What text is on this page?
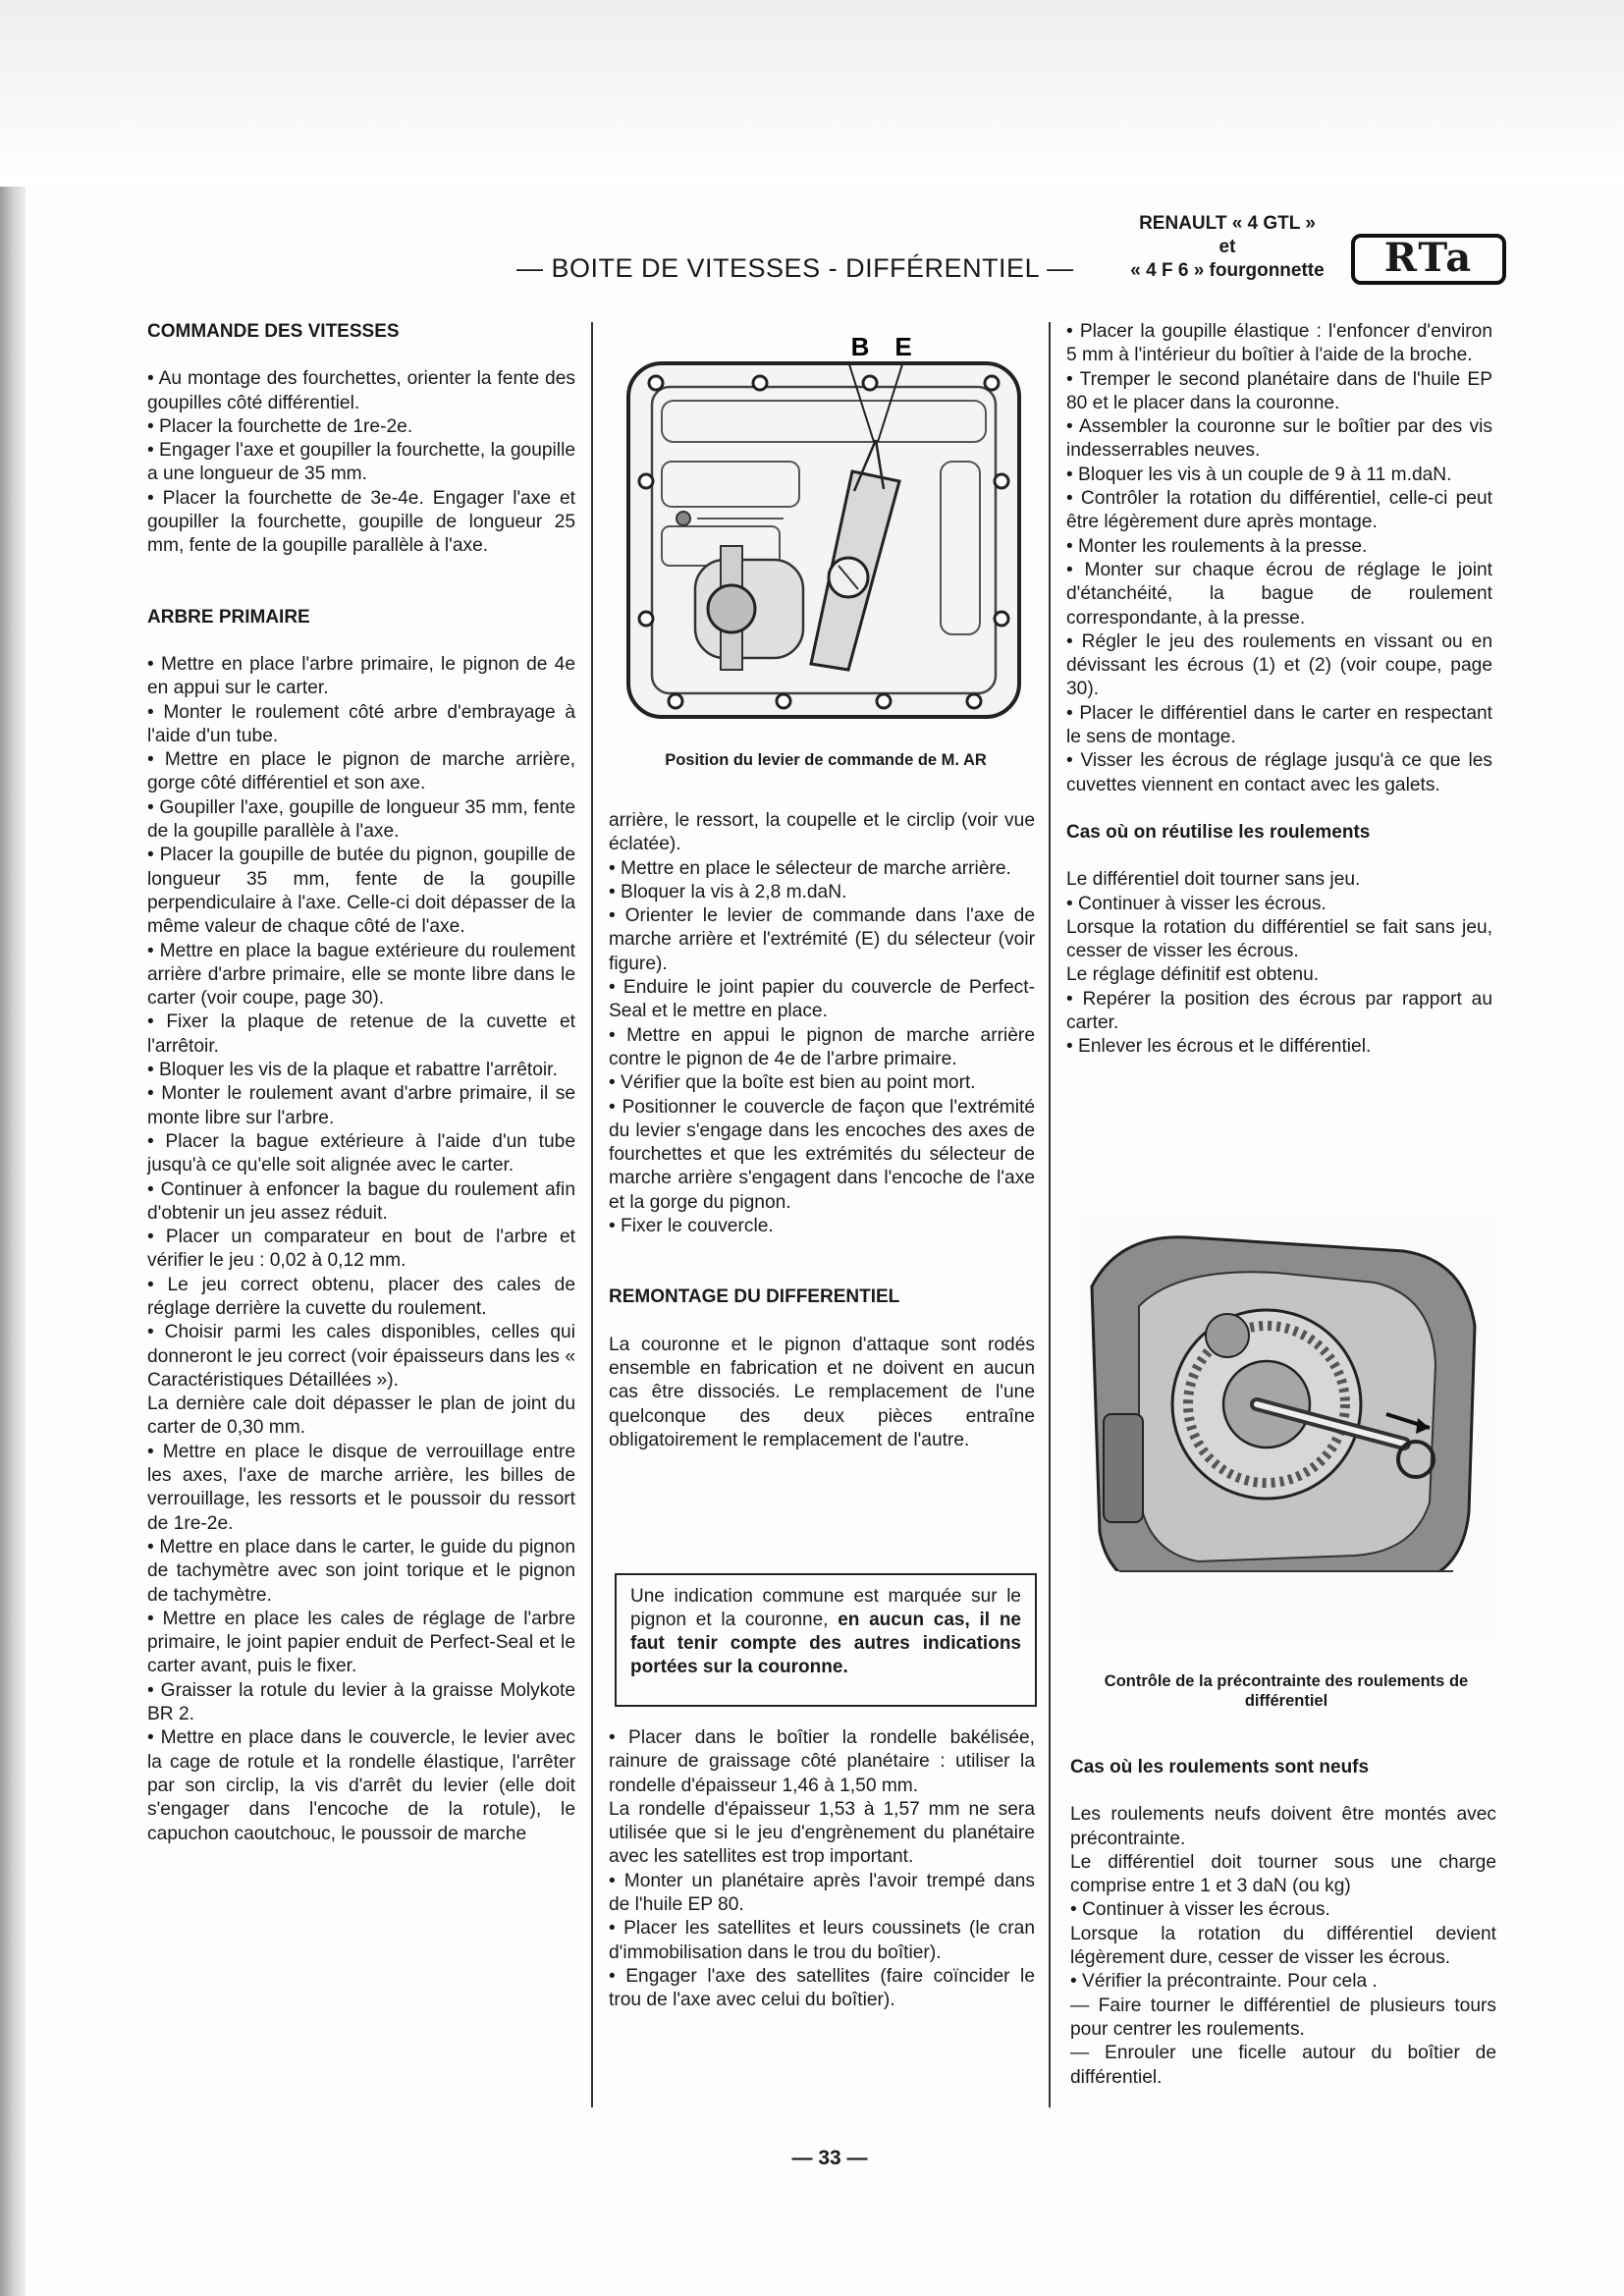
— BOITE DE VITESSES - DIFFÉRENTIEL —
RENAULT « 4 GTL »
et
« 4 F 6 » fourgonnette	RTa

COMMANDE DES VITESSES

• Au montage des fourchettes, orienter la fente des goupilles côté différentiel.

• Placer la fourchette de 1re-2e.

• Engager l'axe et goupiller la fourchette, la goupille a une longueur de 35 mm.

• Placer la fourchette de 3e-4e. Engager l'axe et goupiller la fourchette, goupille de longueur 25 mm, fente de la goupille parallèle à l'axe.

ARBRE PRIMAIRE

• Mettre en place l'arbre primaire, le pignon de 4e en appui sur le carter.

• Monter le roulement côté arbre d'embrayage à l'aide d'un tube.

• Mettre en place le pignon de marche arrière, gorge côté différentiel et son axe.

• Goupiller l'axe, goupille de longueur 35 mm, fente de la goupille parallèle à l'axe.

• Placer la goupille de butée du pignon, goupille de longueur 35 mm, fente de la goupille perpendiculaire à l'axe. Celle-ci doit dépasser de la même valeur de chaque côté de l'axe.

• Mettre en place la bague extérieure du roulement arrière d'arbre primaire, elle se monte libre dans le carter (voir coupe, page 30).

• Fixer la plaque de retenue de la cuvette et l'arrêtoir.

• Bloquer les vis de la plaque et rabattre l'arrêtoir.

• Monter le roulement avant d'arbre primaire, il se monte libre sur l'arbre.

• Placer la bague extérieure à l'aide d'un tube jusqu'à ce qu'elle soit alignée avec le carter.

• Continuer à enfoncer la bague du roulement afin d'obtenir un jeu assez réduit.

• Placer un comparateur en bout de l'arbre et vérifier le jeu : 0,02 à 0,12 mm.

• Le jeu correct obtenu, placer des cales de réglage derrière la cuvette du roulement.

• Choisir parmi les cales disponibles, celles qui donneront le jeu correct (voir épaisseurs dans les « Caractéristiques Détaillées »).

La dernière cale doit dépasser le plan de joint du carter de 0,30 mm.

• Mettre en place le disque de verrouillage entre les axes, l'axe de marche arrière, les billes de verrouillage, les ressorts et le poussoir du ressort de 1re-2e.

• Mettre en place dans le carter, le guide du pignon de tachymètre avec son joint torique et le pignon de tachymètre.

• Mettre en place les cales de réglage de l'arbre primaire, le joint papier enduit de Perfect-Seal et le carter avant, puis le fixer.

• Graisser la rotule du levier à la graisse Molykote BR 2.

• Mettre en place dans le couvercle, le levier avec la cage de rotule et la rondelle élastique, l'arrêter par son circlip, la vis d'arrêt du levier (elle doit s'engager dans l'encoche de la rotule), le capuchon caoutchouc, le poussoir de marche

B E
Position du levier de commande de M. AR

arrière, le ressort, la coupelle et le circlip (voir vue éclatée).

• Mettre en place le sélecteur de marche arrière.

• Bloquer la vis à 2,8 m.daN.

• Orienter le levier de commande dans l'axe de marche arrière et l'extrémité (E) du sélecteur (voir figure).

• Enduire le joint papier du couvercle de Perfect-Seal et le mettre en place.

• Mettre en appui le pignon de marche arrière contre le pignon de 4e de l'arbre primaire.

• Vérifier que la boîte est bien au point mort.

• Positionner le couvercle de façon que l'extrémité du levier s'engage dans les encoches des axes de fourchettes et que les extrémités du sélecteur de marche arrière s'engagent dans l'encoche de l'axe et la gorge du pignon.

• Fixer le couvercle.

REMONTAGE DU DIFFERENTIEL

La couronne et le pignon d'attaque sont rodés ensemble en fabrication et ne doivent en aucun cas être dissociés. Le remplacement de l'une quelconque des deux pièces entraîne obligatoirement le remplacement de l'autre.

Une indication commune est marquée sur le pignon et la couronne, en aucun cas, il ne faut tenir compte des autres indications portées sur la couronne.

• Placer dans le boîtier la rondelle bakélisée, rainure de graissage côté planétaire : utiliser la rondelle d'épaisseur 1,46 à 1,50 mm.

La rondelle d'épaisseur 1,53 à 1,57 mm ne sera utilisée que si le jeu d'engrènement du planétaire avec les satellites est trop important.

• Monter un planétaire après l'avoir trempé dans de l'huile EP 80.

• Placer les satellites et leurs coussinets (le cran d'immobilisation dans le trou du boîtier).

• Engager l'axe des satellites (faire coïncider le trou de l'axe avec celui du boîtier).

• Placer la goupille élastique : l'enfoncer d'environ 5 mm à l'intérieur du boîtier à l'aide de la broche.

• Tremper le second planétaire dans de l'huile EP 80 et le placer dans la couronne.

• Assembler la couronne sur le boîtier par des vis indesserrables neuves.

• Bloquer les vis à un couple de 9 à 11 m.daN.

• Contrôler la rotation du différentiel, celle-ci peut être légèrement dure après montage.

• Monter les roulements à la presse.

• Monter sur chaque écrou de réglage le joint d'étanchéité, la bague de roulement correspondante, à la presse.

• Régler le jeu des roulements en vissant ou en dévissant les écrous (1) et (2) (voir coupe, page 30).

• Placer le différentiel dans le carter en respectant le sens de montage.

• Visser les écrous de réglage jusqu'à ce que les cuvettes viennent en contact avec les galets.

Cas où on réutilise les roulements

Le différentiel doit tourner sans jeu.

• Continuer à visser les écrous.

Lorsque la rotation du différentiel se fait sans jeu, cesser de visser les écrous.

Le réglage définitif est obtenu.

• Repérer la position des écrous par rapport au carter.

• Enlever les écrous et le différentiel.

Contrôle de la précontrainte des roulements de différentiel

Cas où les roulements sont neufs

Les roulements neufs doivent être montés avec précontrainte.

Le différentiel doit tourner sous une charge comprise entre 1 et 3 daN (ou kg)

• Continuer à visser les écrous.

Lorsque la rotation du différentiel devient légèrement dure, cesser de visser les écrous.

• Vérifier la précontrainte. Pour cela .

— Faire tourner le différentiel de plusieurs tours pour centrer les roulements.

— Enrouler une ficelle autour du boîtier de différentiel.

— 33 —
